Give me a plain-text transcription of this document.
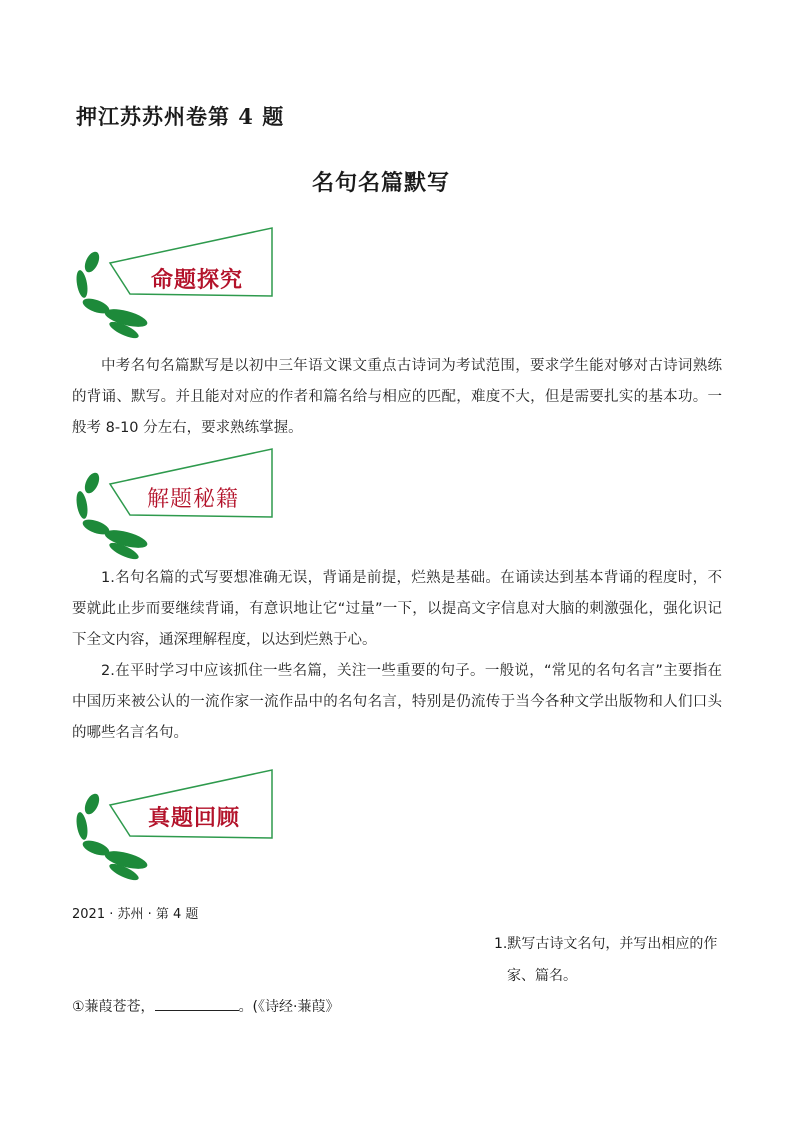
押江苏苏州卷第 4 题
名句名篇默写
命题探究

中考名句名篇默写是以初中三年语文课文重点古诗词为考试范围，要求学生能对够对古诗词熟练的背诵、默写。并且能对对应的作者和篇名给与相应的匹配，难度不大，但是需要扎实的基本功。一般考 8-10 分左右，要求熟练掌握。

解题秘籍

1.名句名篇的式写要想准确无误，背诵是前提，烂熟是基础。在诵读达到基本背诵的程度时，不要就此止步而要继续背诵，有意识地让它“过量”一下，以提高文字信息对大脑的刺激强化，强化识记下全文内容，通深理解程度，以达到烂熟于心。

2.在平时学习中应该抓住一些名篇，关注一些重要的句子。一般说，“常见的名句名言”主要指在中国历来被公认的一流作家一流作品中的名句名言，特别是仍流传于当今各种文学出版物和人们口头的哪些名言名句。

真题回顾
2021 · 苏州 · 第 4 题
1.默写古诗文名句，并写出相应的作
家、篇名。
①蒹葭苍苍，	。(《诗经·蒹葭》
